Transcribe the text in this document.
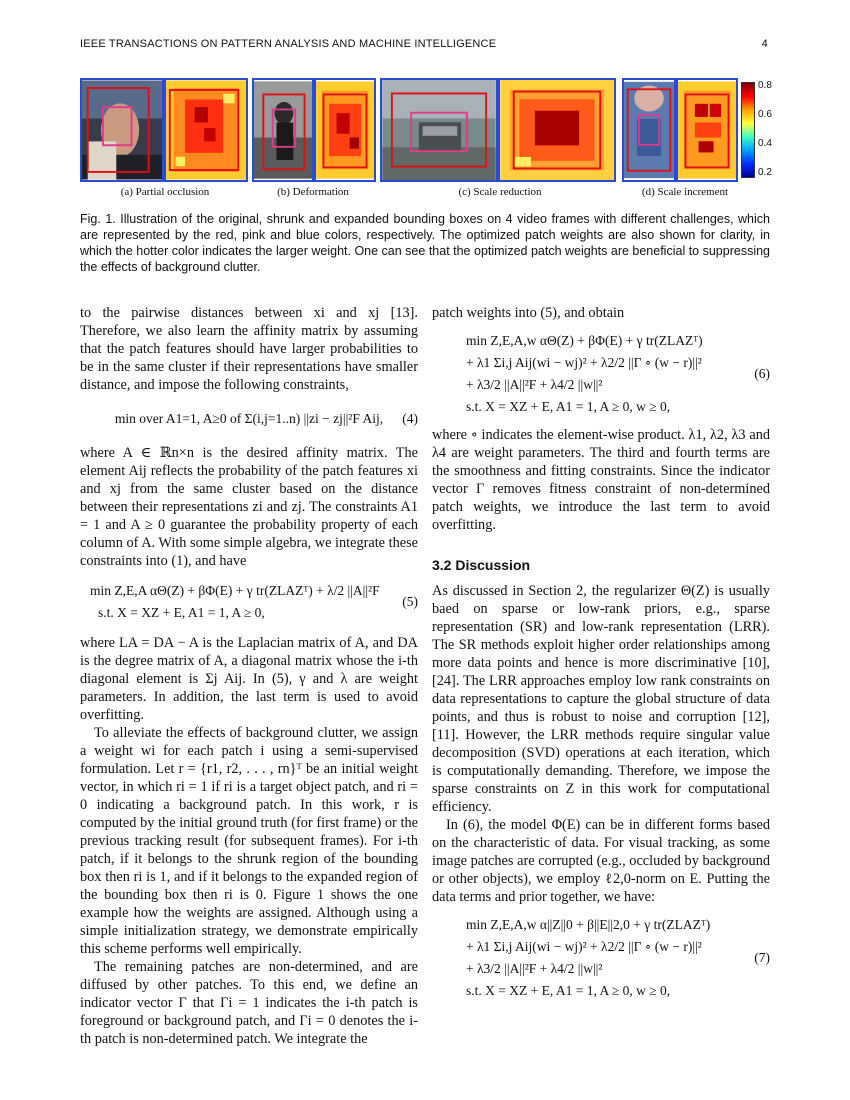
IEEE TRANSACTIONS ON PATTERN ANALYSIS AND MACHINE INTELLIGENCE	4
0.8
0.6
0.4
0.2
(a) Partial occlusion	(b) Deformation	(c) Scale reduction	(d) Scale increment
Fig. 1. Illustration of the original, shrunk and expanded bounding boxes on 4 video frames with different challenges, which are represented by the red, pink and blue colors, respectively. The optimized patch weights are also shown for clarity, in which the hotter color indicates the larger weight. One can see that the optimized patch weights are beneficial to suppressing the effects of background clutter.

to the pairwise distances between xi and xj [13]. Therefore, we also learn the affinity matrix by assuming that the patch features should have larger probabilities to be in the same cluster if their representations have smaller distance, and impose the following constraints,

min over A1=1, A≥0 of Σ(i,j=1..n) ||zi − zj||²F Aij,	(4)

where A ∈ ℝn×n is the desired affinity matrix. The element Aij reflects the probability of the patch features xi and xj from the same cluster based on the distance between their representations zi and zj. The constraints A1 = 1 and A ≥ 0 guarantee the probability property of each column of A. With some simple algebra, we integrate these constraints into (1), and have

min Z,E,A αΘ(Z) + βΦ(E) + γ tr(ZLAZᵀ) + λ/2 ||A||²F
s.t. X = XZ + E, A1 = 1, A ≥ 0,
(5)

where LA = DA − A is the Laplacian matrix of A, and DA is the degree matrix of A, a diagonal matrix whose the i-th diagonal element is Σj Aij. In (5), γ and λ are weight parameters. In addition, the last term is used to avoid overfitting.

To alleviate the effects of background clutter, we assign a weight wi for each patch i using a semi-supervised formulation. Let r = {r1, r2, . . . , rn}ᵀ be an initial weight vector, in which ri = 1 if ri is a target object patch, and ri = 0 indicating a background patch. In this work, r is computed by the initial ground truth (for first frame) or the previous tracking result (for subsequent frames). For i-th patch, if it belongs to the shrunk region of the bounding box then ri is 1, and if it belongs to the expanded region of the bounding box then ri is 0. Figure 1 shows the one example how the weights are assigned. Although using a simple initialization strategy, we demonstrate empirically this scheme performs well empirically.

The remaining patches are non-determined, and are diffused by other patches. To this end, we define an indicator vector Γ that Γi = 1 indicates the i-th patch is foreground or background patch, and Γi = 0 denotes the i-th patch is non-determined patch. We integrate the

patch weights into (5), and obtain

min Z,E,A,w αΘ(Z) + βΦ(E) + γ tr(ZLAZᵀ)
+ λ1 Σi,j Aij(wi − wj)² + λ2/2 ||Γ ∘ (w − r)||²
+ λ3/2 ||A||²F + λ4/2 ||w||²
s.t. X = XZ + E, A1 = 1, A ≥ 0, w ≥ 0,
(6)

where ∘ indicates the element-wise product. λ1, λ2, λ3 and λ4 are weight parameters. The third and fourth terms are the smoothness and fitting constraints. Since the indicator vector Γ removes fitness constraint of non-determined patch weights, we introduce the last term to avoid overfitting.

3.2 Discussion

As discussed in Section 2, the regularizer Θ(Z) is usually baed on sparse or low-rank priors, e.g., sparse representation (SR) and low-rank representation (LRR). The SR methods exploit higher order relationships among more data points and hence is more discriminative [10], [24]. The LRR approaches employ low rank constraints on data representations to capture the global structure of data points, and thus is robust to noise and corruption [12], [11]. However, the LRR methods require singular value decomposition (SVD) operations at each iteration, which is computationally demanding. Therefore, we impose the sparse constraints on Z in this work for computational efficiency.

In (6), the model Φ(E) can be in different forms based on the characteristic of data. For visual tracking, as some image patches are corrupted (e.g., occluded by background or other objects), we employ ℓ2,0-norm on E. Putting the data terms and prior together, we have:

min Z,E,A,w α||Z||0 + β||E||2,0 + γ tr(ZLAZᵀ)
+ λ1 Σi,j Aij(wi − wj)² + λ2/2 ||Γ ∘ (w − r)||²
+ λ3/2 ||A||²F + λ4/2 ||w||²
s.t. X = XZ + E, A1 = 1, A ≥ 0, w ≥ 0,
(7)
